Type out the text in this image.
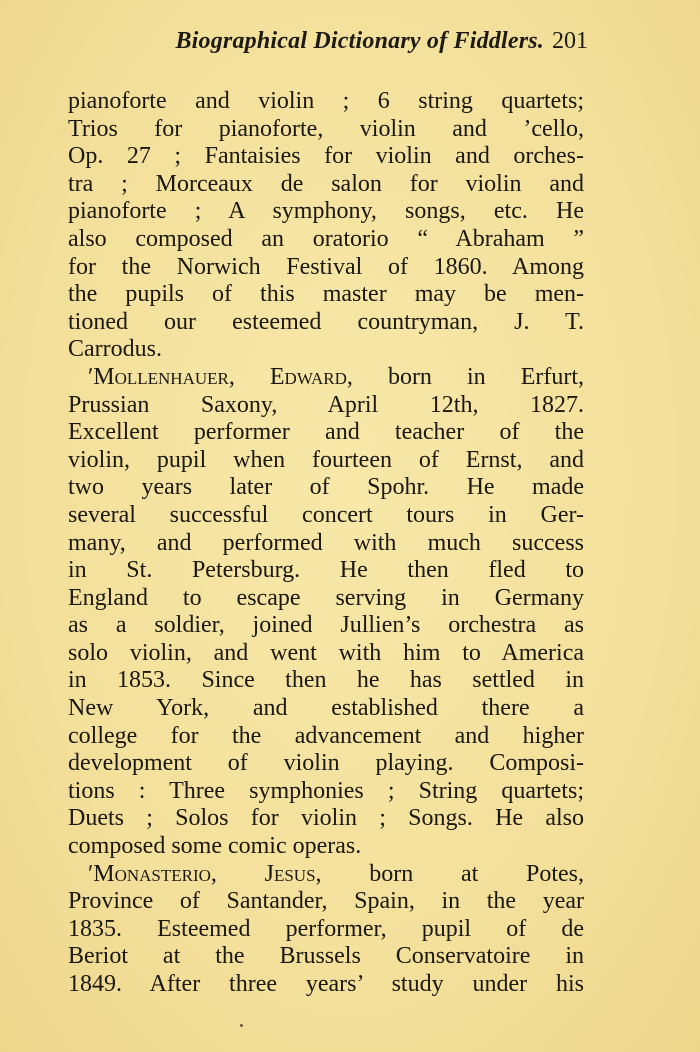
Biographical Dictionary of Fiddlers. 201
pianoforte and violin ; 6 string quartets;
Trios for pianoforte, violin and ’cello,
Op. 27 ; Fantaisies for violin and orches-
tra ; Morceaux de salon for violin and
pianoforte ; A symphony, songs, etc. He
also composed an oratorio “ Abraham ”
for the Norwich Festival of 1860. Among
the pupils of this master may be men-
tioned our esteemed countryman, J. T.
Carrodus.
ʹMollenhauer, Edward, born in Erfurt,
Prussian Saxony, April 12th, 1827.
Excellent performer and teacher of the
violin, pupil when fourteen of Ernst, and
two years later of Spohr. He made
several successful concert tours in Ger-
many, and performed with much success
in St. Petersburg. He then fled to
England to escape serving in Germany
as a soldier, joined Jullien’s orchestra as
solo violin, and went with him to America
in 1853. Since then he has settled in
New York, and established there a
college for the advancement and higher
development of violin playing. Composi-
tions : Three symphonies ; String quartets;
Duets ; Solos for violin ; Songs. He also
composed some comic operas.
ʹMonasterio, Jesus, born at Potes,
Province of Santander, Spain, in the year
1835. Esteemed performer, pupil of de
Beriot at the Brussels Conservatoire in
1849. After three years’ study under his
